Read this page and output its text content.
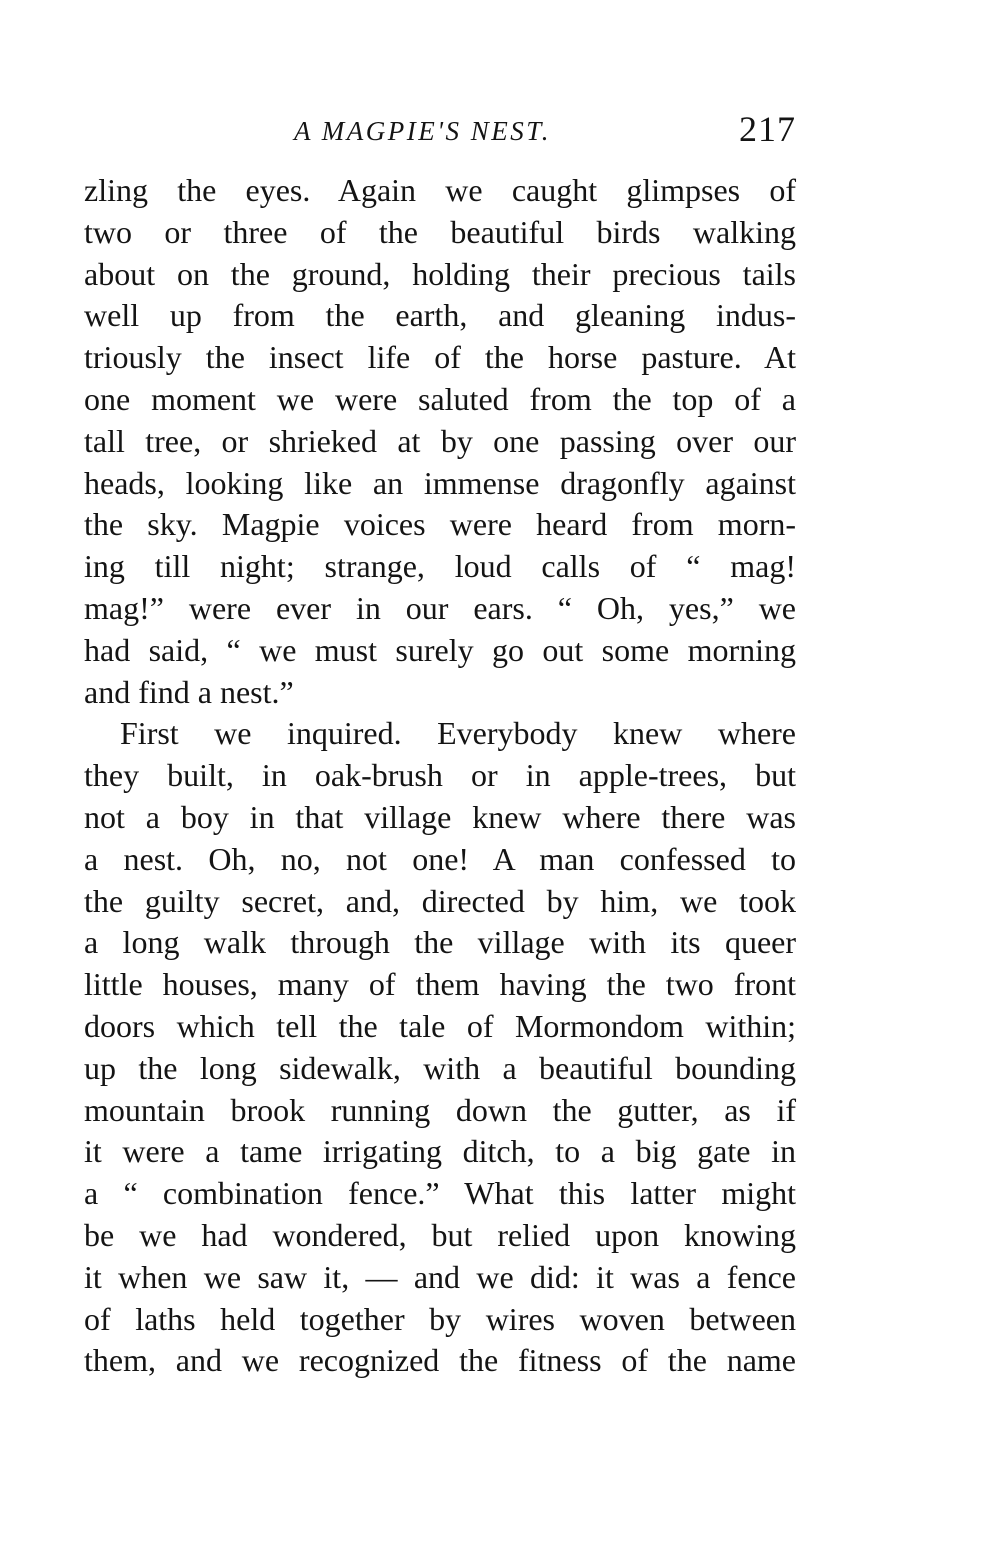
A MAGPIE'S NEST.	217
zling the eyes. Again we caught glimpses of
two or three of the beautiful birds walking
about on the ground, holding their precious tails
well up from the earth, and gleaning indus-
triously the insect life of the horse pasture. At
one moment we were saluted from the top of a
tall tree, or shrieked at by one passing over our
heads, looking like an immense dragonfly against
the sky. Magpie voices were heard from morn-
ing till night; strange, loud calls of “ mag!
mag!” were ever in our ears. “ Oh, yes,” we
had said, “ we must surely go out some morning
and find a nest.”
First we inquired. Everybody knew where
they built, in oak-brush or in apple-trees, but
not a boy in that village knew where there was
a nest. Oh, no, not one! A man confessed to
the guilty secret, and, directed by him, we took
a long walk through the village with its queer
little houses, many of them having the two front
doors which tell the tale of Mormondom within;
up the long sidewalk, with a beautiful bounding
mountain brook running down the gutter, as if
it were a tame irrigating ditch, to a big gate in
a “ combination fence.” What this latter might
be we had wondered, but relied upon knowing
it when we saw it, — and we did: it was a fence
of laths held together by wires woven between
them, and we recognized the fitness of the name
